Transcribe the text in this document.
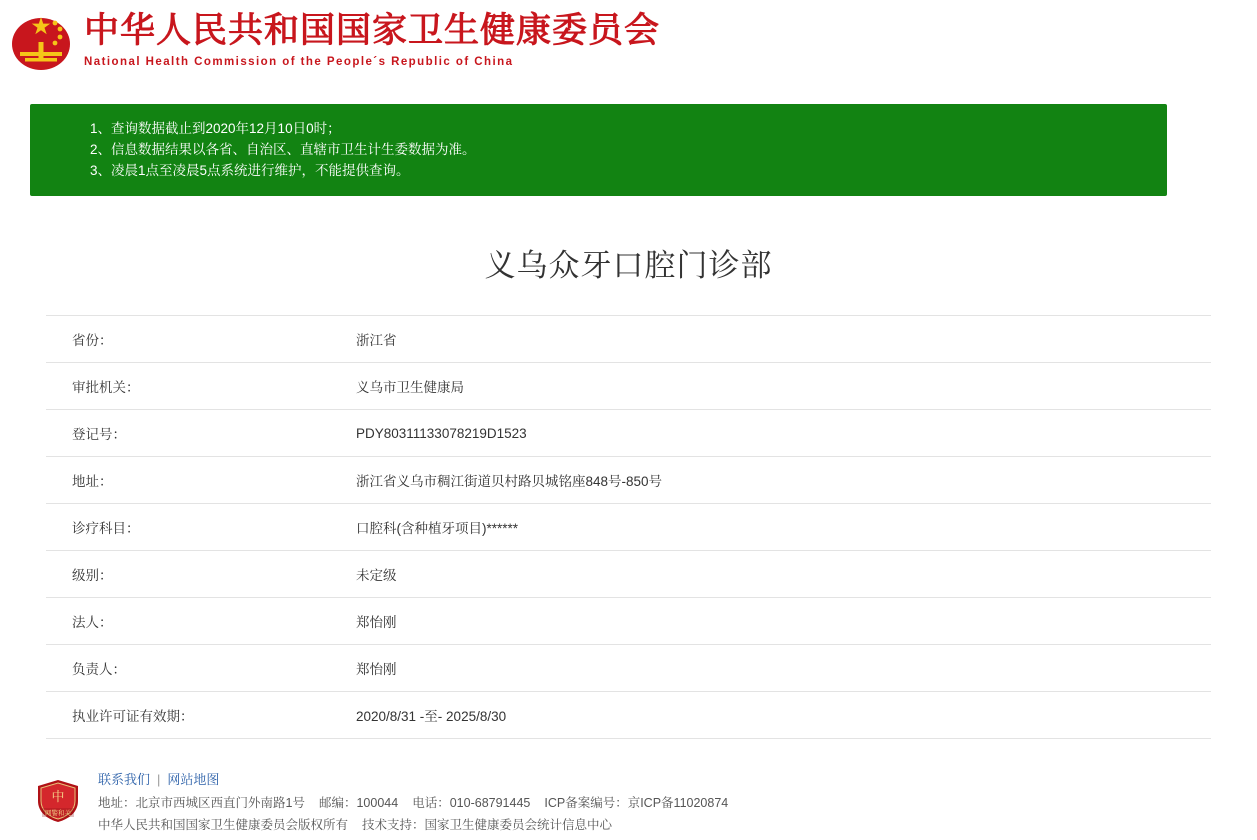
中华人民共和国国家卫生健康委员会
National Health Commission of the People´s Republic of China
1、查询数据截止到2020年12月10日0时；
2、信息数据结果以各省、自治区、直辖市卫生计生委数据为准。
3、凌晨1点至凌晨5点系统进行维护，不能提供查询。
义乌众牙口腔门诊部
省份：	浙江省
审批机关：	义乌市卫生健康局
登记号：	PDY80311133078219D1523
地址：	浙江省义乌市稠江街道贝村路贝城铭座848号-850号
诊疗科目：	口腔科(含种植牙项目)******
级别：	未定级
法人：	郑怡刚
负责人：	郑怡刚
执业许可证有效期：	2020/8/31 -至- 2025/8/30
中
网警和关
联系我们 | 网站地图
地址：北京市西城区西直门外南路1号 邮编：100044 电话：010-68791445 ICP备案编号：京ICP备11020874
中华人民共和国国家卫生健康委员会版权所有 技术支持：国家卫生健康委员会统计信息中心
